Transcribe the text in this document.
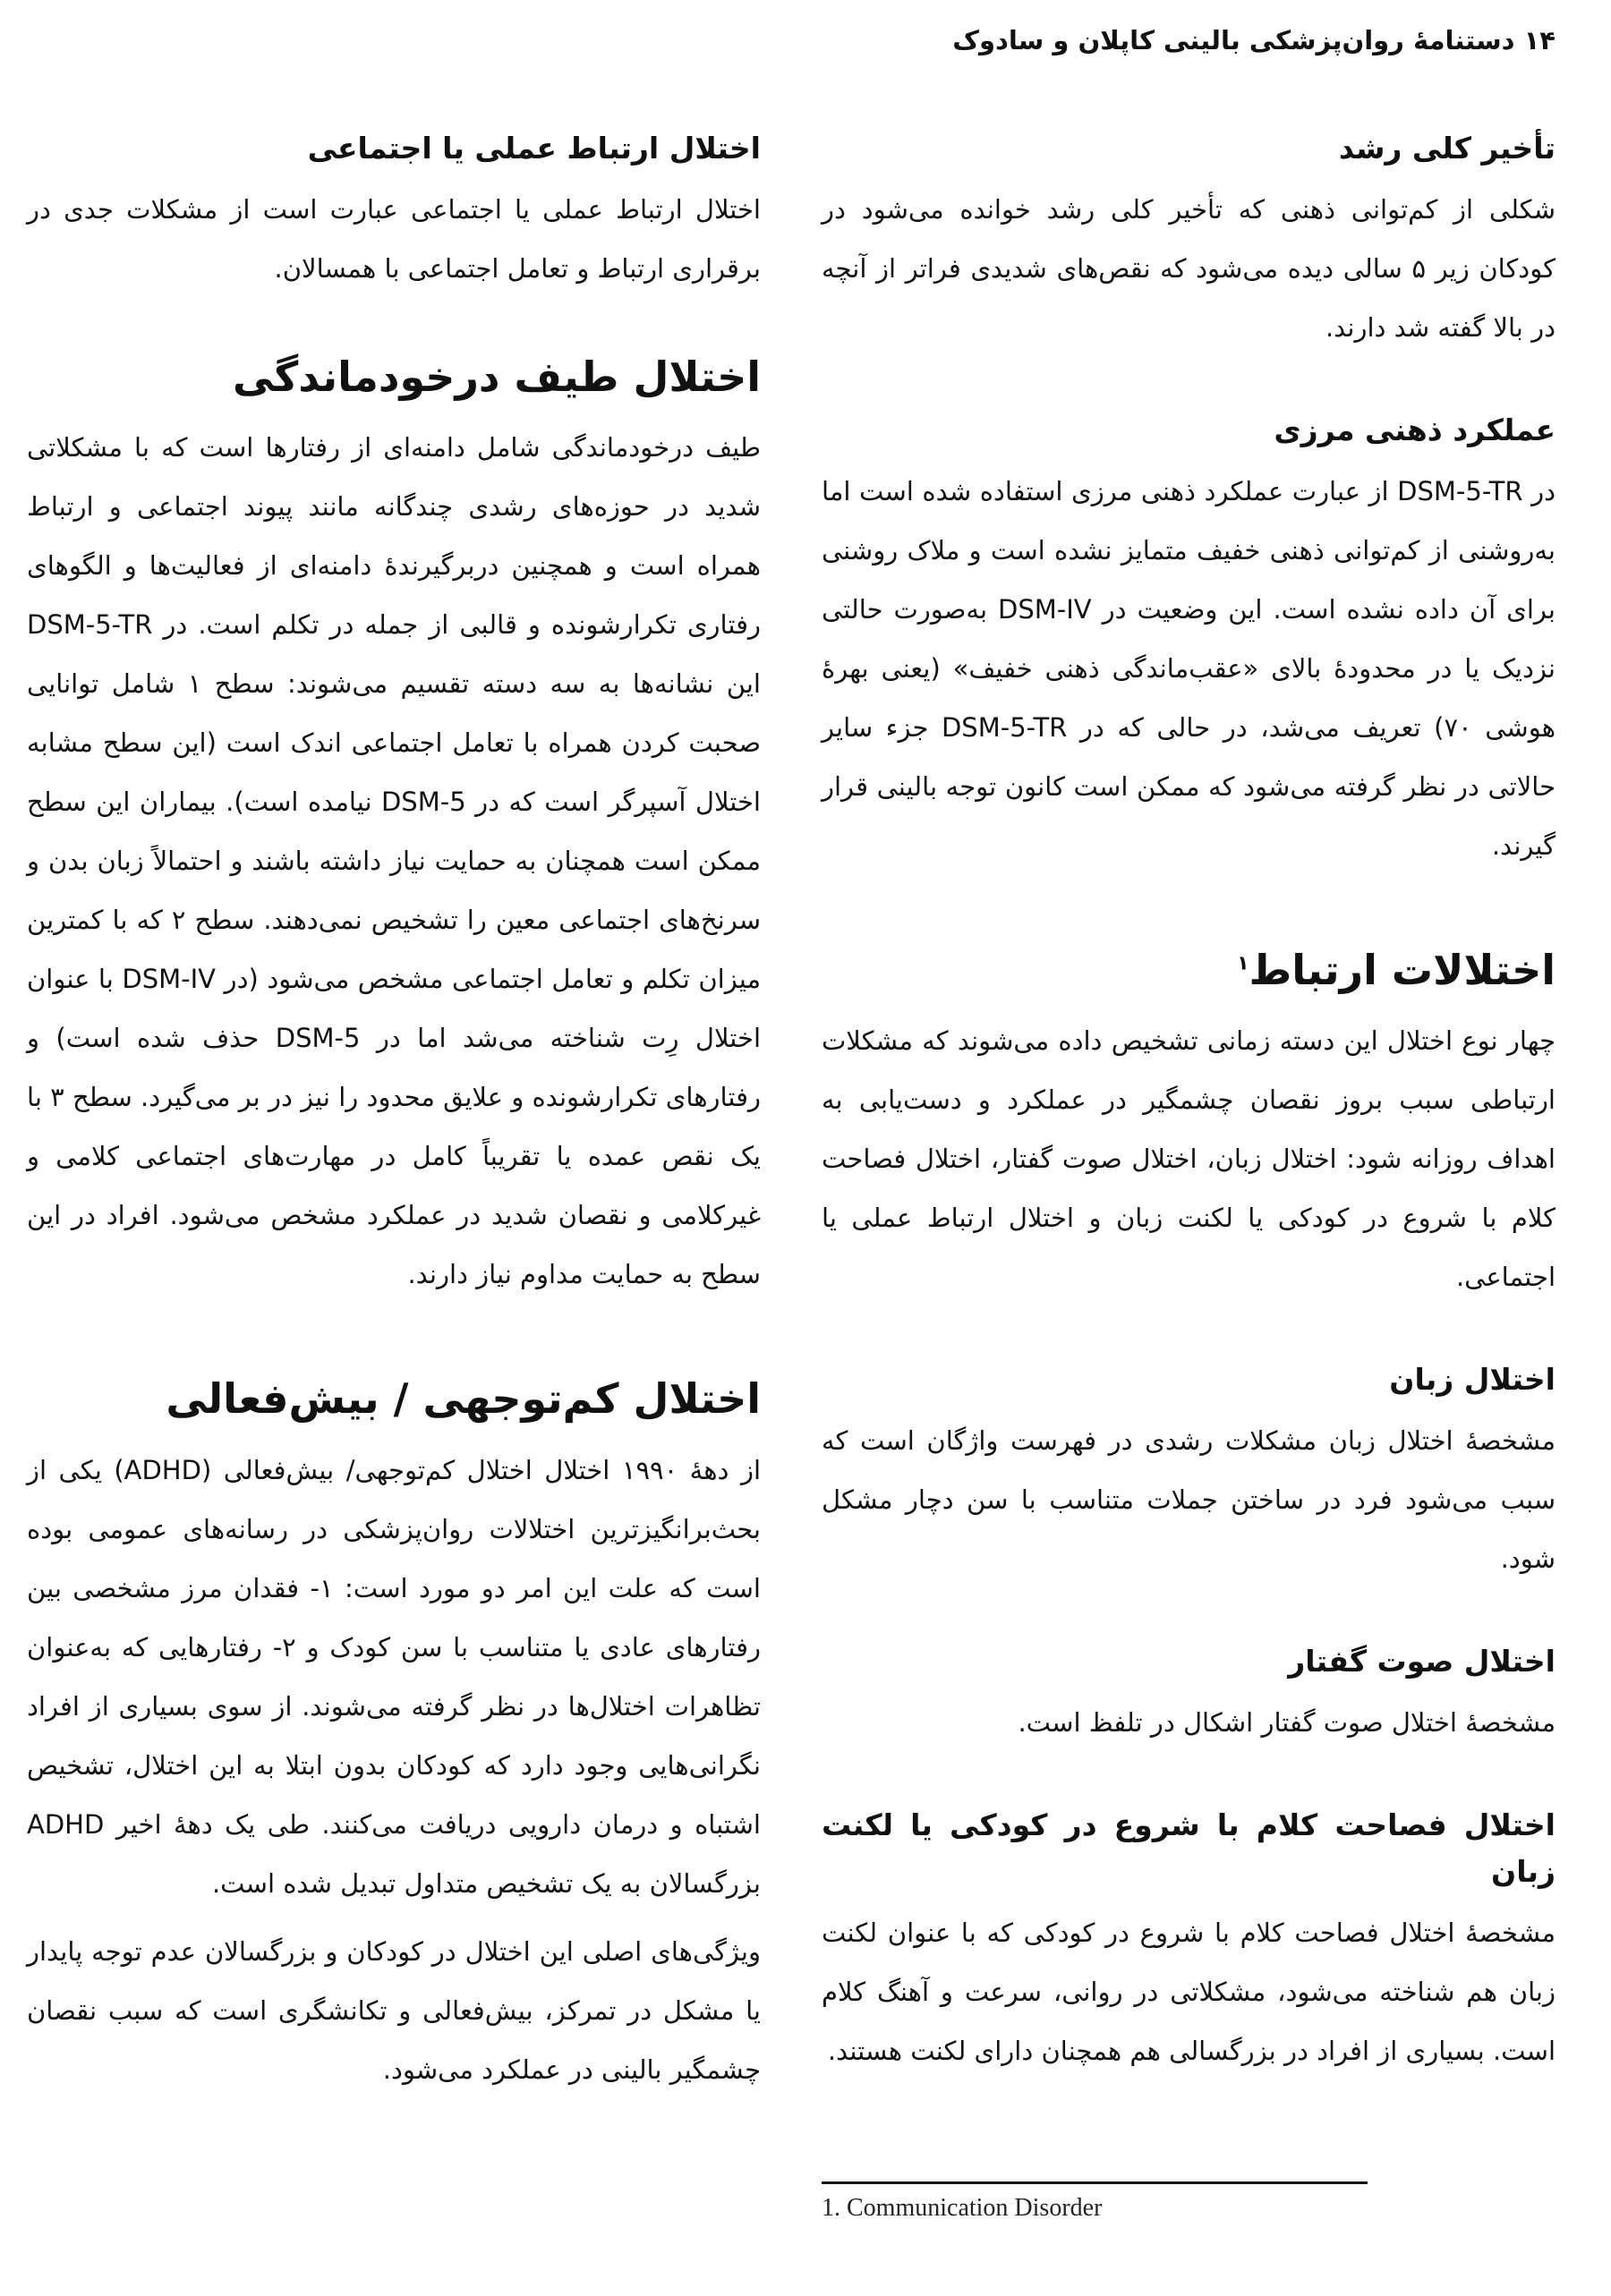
۱۴ دستنامهٔ روان‌پزشکی بالینی کاپلان و سادوک
تأخیر کلی رشد

شکلی از کم‌توانی ذهنی که تأخیر کلی رشد خوانده می‌شود در کودکان زیر ۵ سالی دیده می‌شود که نقص‌های شدیدی فراتر از آنچه در بالا گفته شد دارند.

عملکرد ذهنی مرزی

در DSM-5-TR از عبارت عملکرد ذهنی مرزی استفاده شده است اما به‌روشنی از کم‌توانی ذهنی خفیف متمایز نشده است و ملاک روشنی برای آن داده نشده است. این وضعیت در DSM-IV به‌صورت حالتی نزدیک یا در محدودهٔ بالای «عقب‌ماندگی ذهنی خفیف» (یعنی بهرهٔ هوشی ۷۰) تعریف می‌شد، در حالی که در DSM-5-TR جزء سایر حالاتی در نظر گرفته می‌شود که ممکن است کانون توجه بالینی قرار گیرند.

اختلالات ارتباط$^۱$

چهار نوع اختلال این دسته زمانی تشخیص داده می‌شوند که مشکلات ارتباطی سبب بروز نقصان چشمگیر در عملکرد و دست‌یابی به اهداف روزانه شود: اختلال زبان، اختلال صوت گفتار، اختلال فصاحت کلام با شروع در کودکی یا لکنت زبان و اختلال ارتباط عملی یا اجتماعی.

اختلال زبان

مشخصهٔ اختلال زبان مشکلات رشدی در فهرست واژگان است که سبب می‌شود فرد در ساختن جملات متناسب با سن دچار مشکل شود.

اختلال صوت گفتار

مشخصهٔ اختلال صوت گفتار اشکال در تلفظ است.

اختلال فصاحت کلام با شروع در کودکی یا لکنت زبان

مشخصهٔ اختلال فصاحت کلام با شروع در کودکی که با عنوان لکنت زبان هم شناخته می‌شود، مشکلاتی در روانی، سرعت و آهنگ کلام است. بسیاری از افراد در بزرگسالی هم همچنان دارای لکنت هستند.

اختلال ارتباط عملی یا اجتماعی

اختلال ارتباط عملی یا اجتماعی عبارت است از مشکلات جدی در برقراری ارتباط و تعامل اجتماعی با همسالان.

اختلال طیف درخودماندگی

طیف درخودماندگی شامل دامنه‌ای از رفتارها است که با مشکلاتی شدید در حوزه‌های رشدی چندگانه مانند پیوند اجتماعی و ارتباط همراه است و همچنین دربرگیرندهٔ دامنه‌ای از فعالیت‌ها و الگوهای رفتاری تکرارشونده و قالبی از جمله در تکلم است. در DSM-5-TR این نشانه‌ها به سه دسته تقسیم می‌شوند: سطح ۱ شامل توانایی صحبت کردن همراه با تعامل اجتماعی اندک است (این سطح مشابه اختلال آسپرگر است که در DSM-5 نیامده است). بیماران این سطح ممکن است همچنان به حمایت نیاز داشته باشند و احتمالاً زبان بدن و سرنخ‌های اجتماعی معین را تشخیص نمی‌دهند. سطح ۲ که با کمترین میزان تکلم و تعامل اجتماعی مشخص می‌شود (در DSM-IV با عنوان اختلال رِت شناخته می‌شد اما در DSM-5 حذف شده است) و رفتارهای تکرارشونده و علایق محدود را نیز در بر می‌گیرد. سطح ۳ با یک نقص عمده یا تقریباً کامل در مهارت‌های اجتماعی کلامی و غیرکلامی و نقصان شدید در عملکرد مشخص می‌شود. افراد در این سطح به حمایت مداوم نیاز دارند.

اختلال کم‌توجهی / بیش‌فعالی

از دهۀ ۱۹۹۰ اختلال اختلال کم‌توجهی/ بیش‌فعالی (ADHD) یکی از بحث‌برانگیزترین اختلالات روان‌پزشکی در رسانه‌های عمومی بوده است که علت این امر دو مورد است: ۱- فقدان مرز مشخصی بین رفتارهای عادی یا متناسب با سن کودک و ۲- رفتارهایی که به‌عنوان تظاهرات اختلال‌ها در نظر گرفته می‌شوند. از سوی بسیاری از افراد نگرانی‌هایی وجود دارد که کودکان بدون ابتلا به این اختلال، تشخیص اشتباه و درمان دارویی دریافت می‌کنند. طی یک دهۀ اخیر ADHD بزرگسالان به یک تشخیص متداول تبدیل شده است.

ویژگی‌های اصلی این اختلال در کودکان و بزرگسالان عدم توجه پایدار یا مشکل در تمرکز، بیش‌فعالی و تکانشگری است که سبب نقصان چشمگیر بالینی در عملکرد می‌شود.

1. Communication Disorder
